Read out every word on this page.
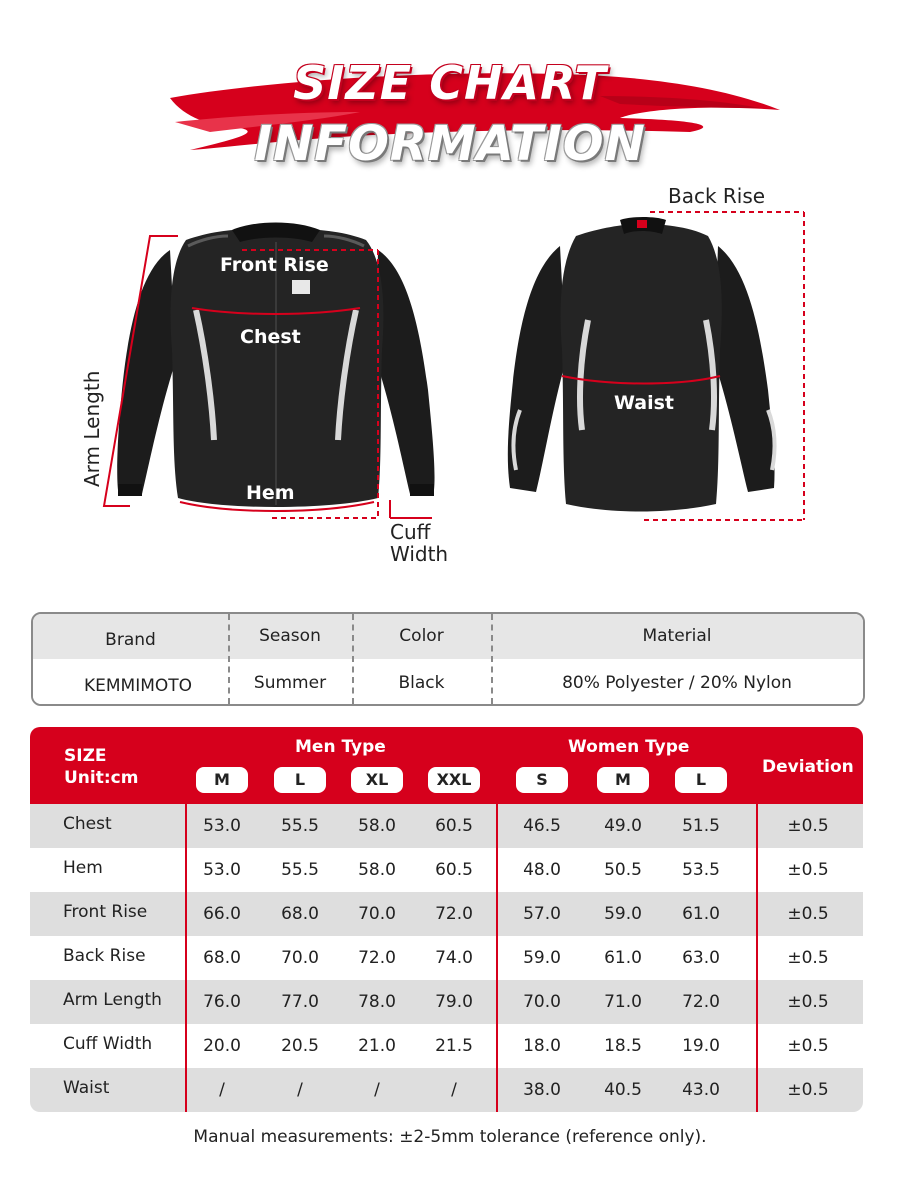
SIZE CHART
INFORMATION
Front Rise
Chest
Hem
Arm Length
Cuff
Width
Back Rise
Waist
Brand	Season	Color	Material
KEMMIMOTO	Summer	Black	80% Polyester / 20% Nylon
SIZE
Unit:cm
Men Type	Women Type
Deviation
M	L	XL	XXL	S	M	L
Chest	53.0	55.5	58.0	60.5	46.5	49.0	51.5	±0.5
Hem	53.0	55.5	58.0	60.5	48.0	50.5	53.5	±0.5
Front Rise	66.0	68.0	70.0	72.0	57.0	59.0	61.0	±0.5
Back Rise	68.0	70.0	72.0	74.0	59.0	61.0	63.0	±0.5
Arm Length	76.0	77.0	78.0	79.0	70.0	71.0	72.0	±0.5
Cuff Width	20.0	20.5	21.0	21.5	18.0	18.5	19.0	±0.5
Waist	/	/	/	/	38.0	40.5	43.0	±0.5
Manual measurements: ±2-5mm tolerance (reference only).
